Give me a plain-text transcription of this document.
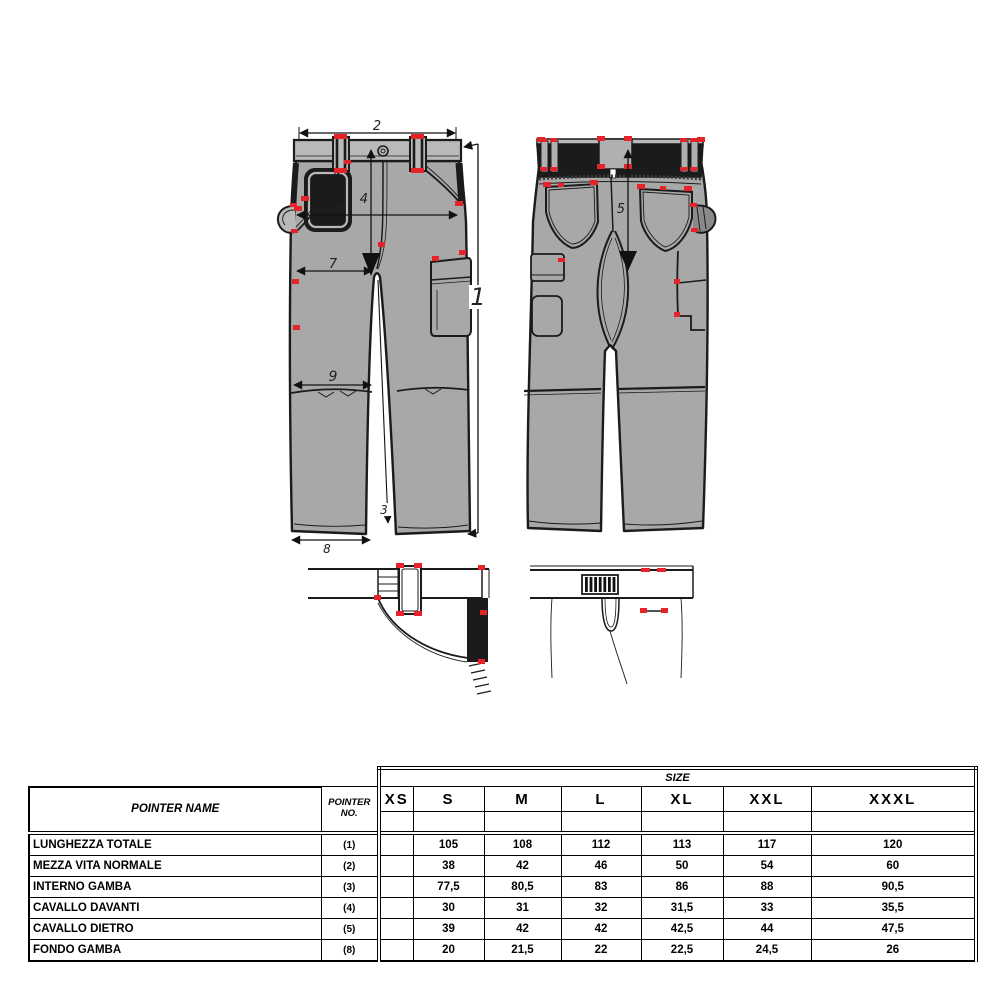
2
1
4
6
7
9
3
8
5
		SIZE						
POINTER NAME	POINTER NO.	XS	S	M	L	XL	XXL	XXXL

LUNGHEZZA TOTALE	(1)		105	108	112	113	117	120
MEZZA VITA NORMALE	(2)		38	42	46	50	54	60
INTERNO GAMBA	(3)		77,5	80,5	83	86	88	90,5
CAVALLO DAVANTI	(4)		30	31	32	31,5	33	35,5
CAVALLO DIETRO	(5)		39	42	42	42,5	44	47,5
FONDO GAMBA	(8)		20	21,5	22	22,5	24,5	26
